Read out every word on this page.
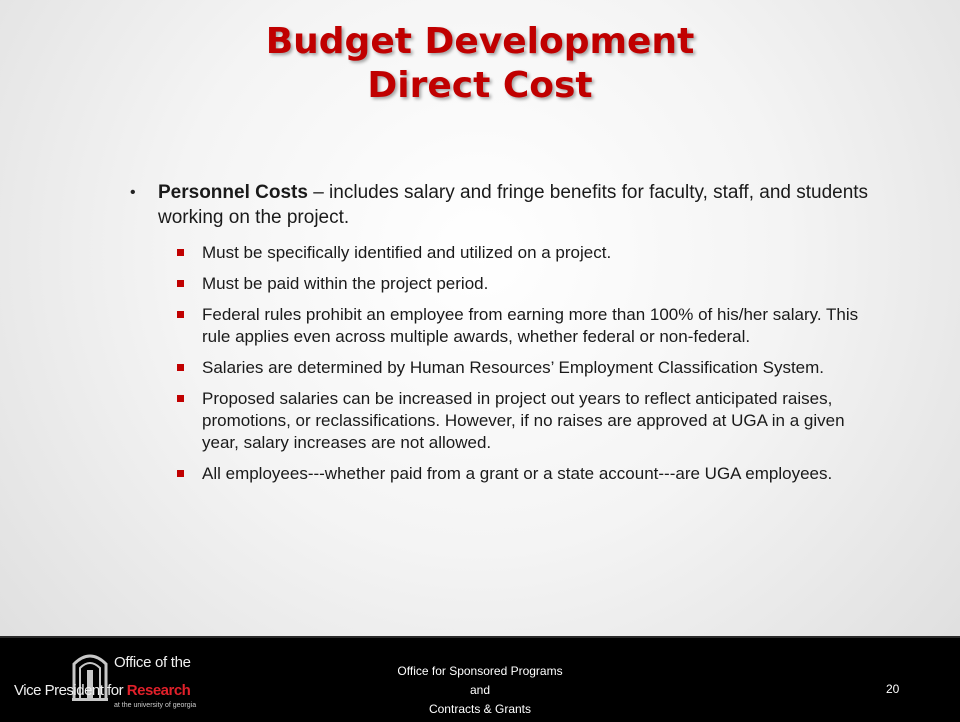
Budget Development
Direct Cost
• Personnel Costs – includes salary and fringe benefits for faculty, staff, and students working on the project.
Must be specifically identified and utilized on a project.
Must be paid within the project period.
Federal rules prohibit an employee from earning more than 100% of his/her salary. This rule applies even across multiple awards, whether federal or non-federal.
Salaries are determined by Human Resources’ Employment Classification System.
Proposed salaries can be increased in project out years to reflect anticipated raises, promotions, or reclassifications. However, if no raises are approved at UGA in a given year, salary increases are not allowed.
All employees---whether paid from a grant or a state account---are UGA employees.
Office of the
Vice President for Research
at the university of georgia
Office for Sponsored Programs
and
Contracts & Grants
20
